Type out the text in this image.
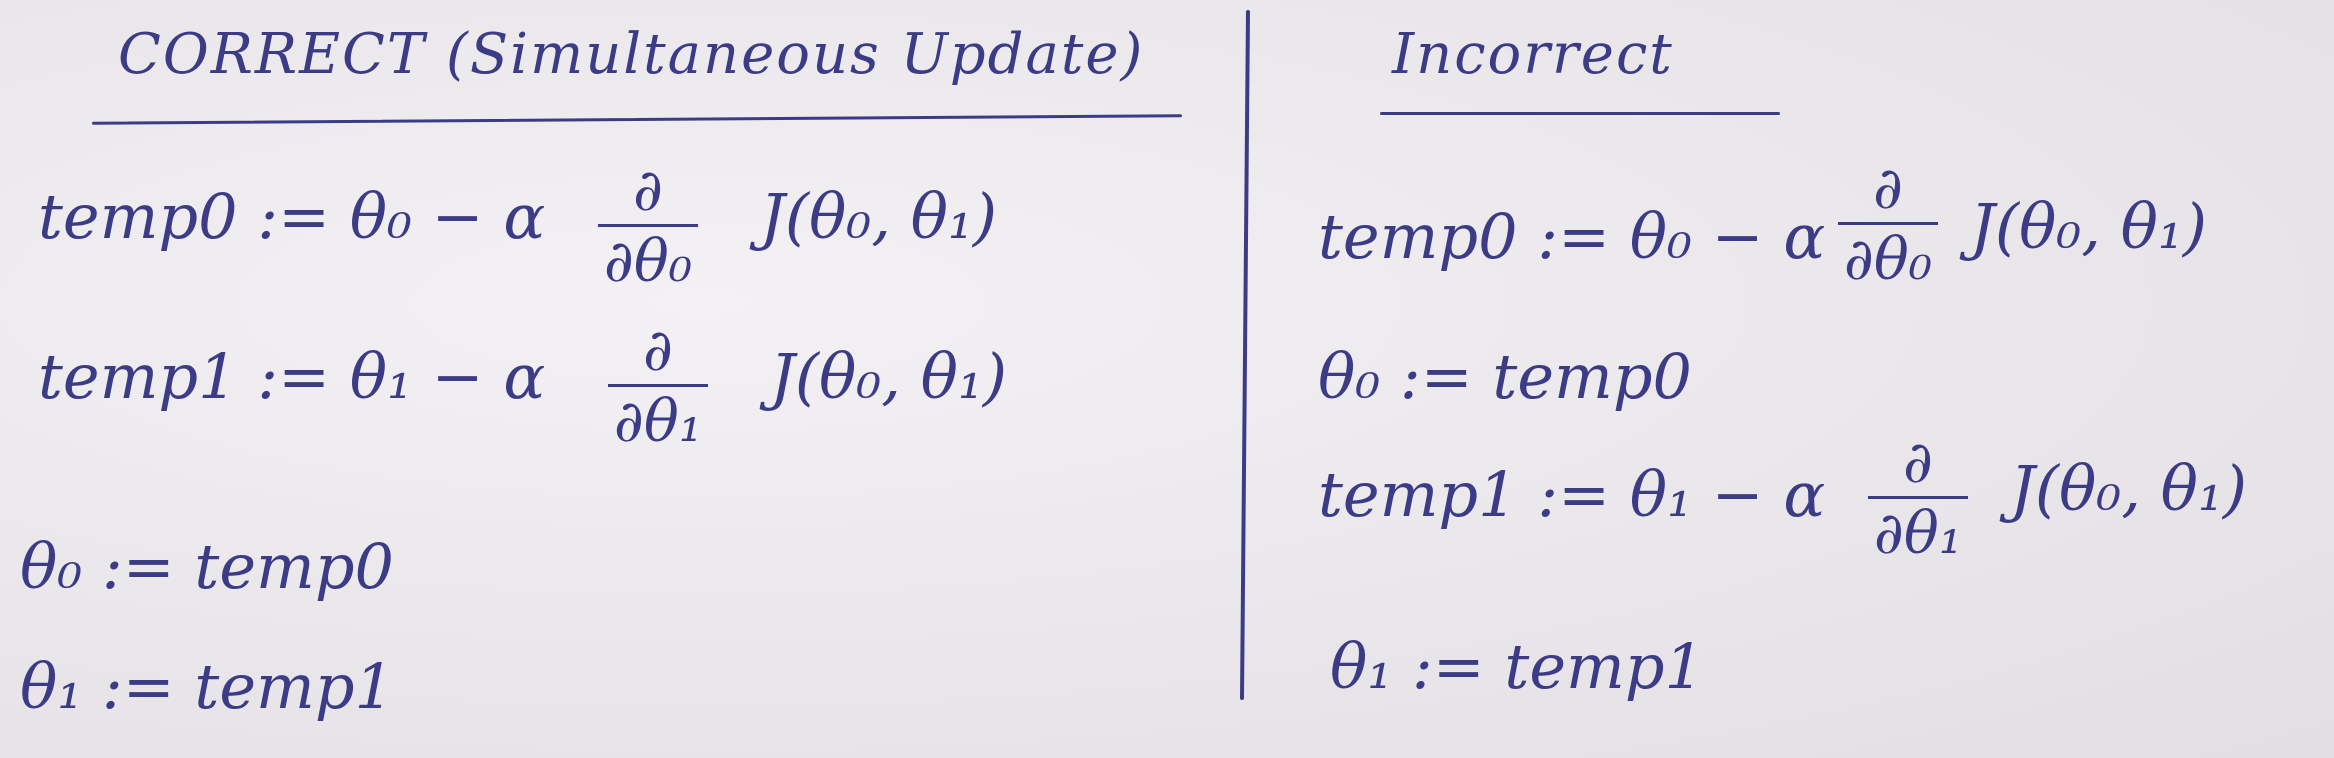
CORRECT (Simultaneous Update)
temp0 := θ₀ − α ∂
∂θ₀
J(θ₀, θ₁)
temp1 := θ₁ − α ∂
∂θ₁
J(θ₀, θ₁)
θ₀ := temp0
θ₁ := temp1
Incorrect
temp0 := θ₀ − α
∂
∂θ₀ J(θ₀, θ₁)
θ₀ := temp0
temp1 := θ₁ − α ∂
∂θ₁
J(θ₀, θ₁)
θ₁ := temp1
